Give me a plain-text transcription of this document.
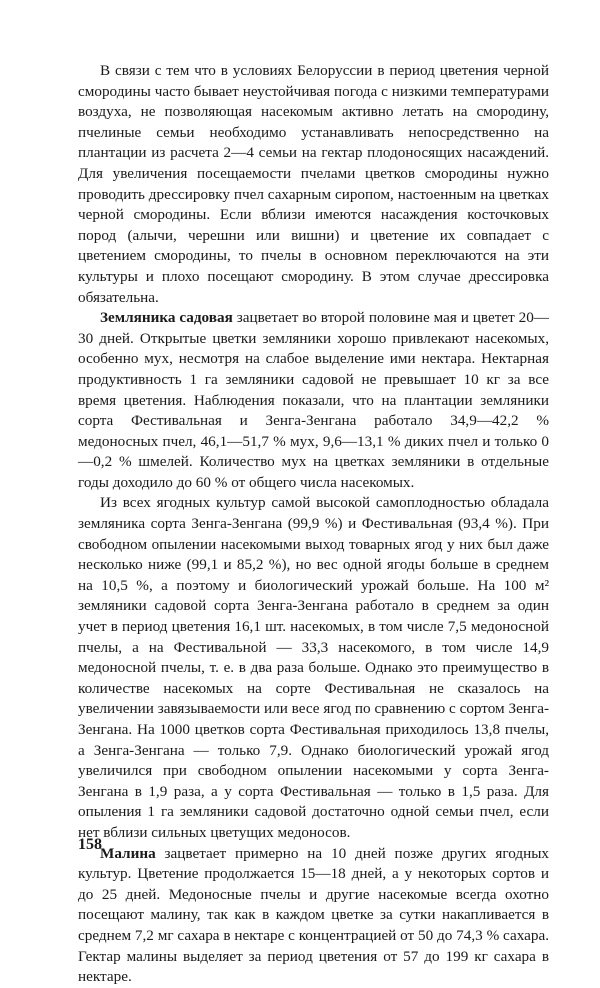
В связи с тем что в условиях Белоруссии в период цветения черной смородины часто бывает неустойчивая погода с низкими температурами воздуха, не позволяющая насекомым активно летать на смородину, пчелиные семьи необходимо устанавливать непосредственно на плантации из расчета 2—4 семьи на гектар плодоносящих насаждений. Для увеличения посещаемости пчелами цветков смородины нужно проводить дрессировку пчел сахарным сиропом, настоенным на цветках черной смородины. Если вблизи имеются насаждения косточковых пород (алычи, черешни или вишни) и цветение их совпадает с цветением смородины, то пчелы в основном переключаются на эти культуры и плохо посещают смородину. В этом случае дрессировка обязательна.

Земляника садовая зацветает во второй половине мая и цветет 20—30 дней. Открытые цветки земляники хорошо привлекают насекомых, особенно мух, несмотря на слабое выделение ими нектара. Нектарная продуктивность 1 га земляники садовой не превышает 10 кг за все время цветения. Наблюдения показали, что на плантации земляники сорта Фестивальная и Зенга-Зенгана работало 34,9—42,2 % медоносных пчел, 46,1—51,7 % мух, 9,6—13,1 % диких пчел и только 0—0,2 % шмелей. Количество мух на цветках земляники в отдельные годы доходило до 60 % от общего числа насекомых.

Из всех ягодных культур самой высокой самоплодностью обладала земляника сорта Зенга-Зенгана (99,9 %) и Фестивальная (93,4 %). При свободном опылении насекомыми выход товарных ягод у них был даже несколько ниже (99,1 и 85,2 %), но вес одной ягоды больше в среднем на 10,5 %, а поэтому и биологический урожай больше. На 100 м² земляники садовой сорта Зенга-Зенгана работало в среднем за один учет в период цветения 16,1 шт. насекомых, в том числе 7,5 медоносной пчелы, а на Фестивальной — 33,3 насекомого, в том числе 14,9 медоносной пчелы, т. е. в два раза больше. Однако это преимущество в количестве насекомых на сорте Фестивальная не сказалось на увеличении завязываемости или весе ягод по сравнению с сортом Зенга-Зенгана. На 1000 цветков сорта Фестивальная приходилось 13,8 пчелы, а Зенга-Зенгана — только 7,9. Однако биологический урожай ягод увеличился при свободном опылении насекомыми у сорта Зенга-Зенгана в 1,9 раза, а у сорта Фестивальная — только в 1,5 раза. Для опыления 1 га земляники садовой достаточно одной семьи пчел, если нет вблизи сильных цветущих медоносов.

Малина зацветает примерно на 10 дней позже других ягодных культур. Цветение продолжается 15—18 дней, а у некоторых сортов и до 25 дней. Медоносные пчелы и другие насекомые всегда охотно посещают малину, так как в каждом цветке за сутки накапливается в среднем 7,2 мг сахара в нектаре с концентрацией от 50 до 74,3 % сахара. Гектар малины выделяет за период цветения от 57 до 199 кг сахара в нектаре.

158
